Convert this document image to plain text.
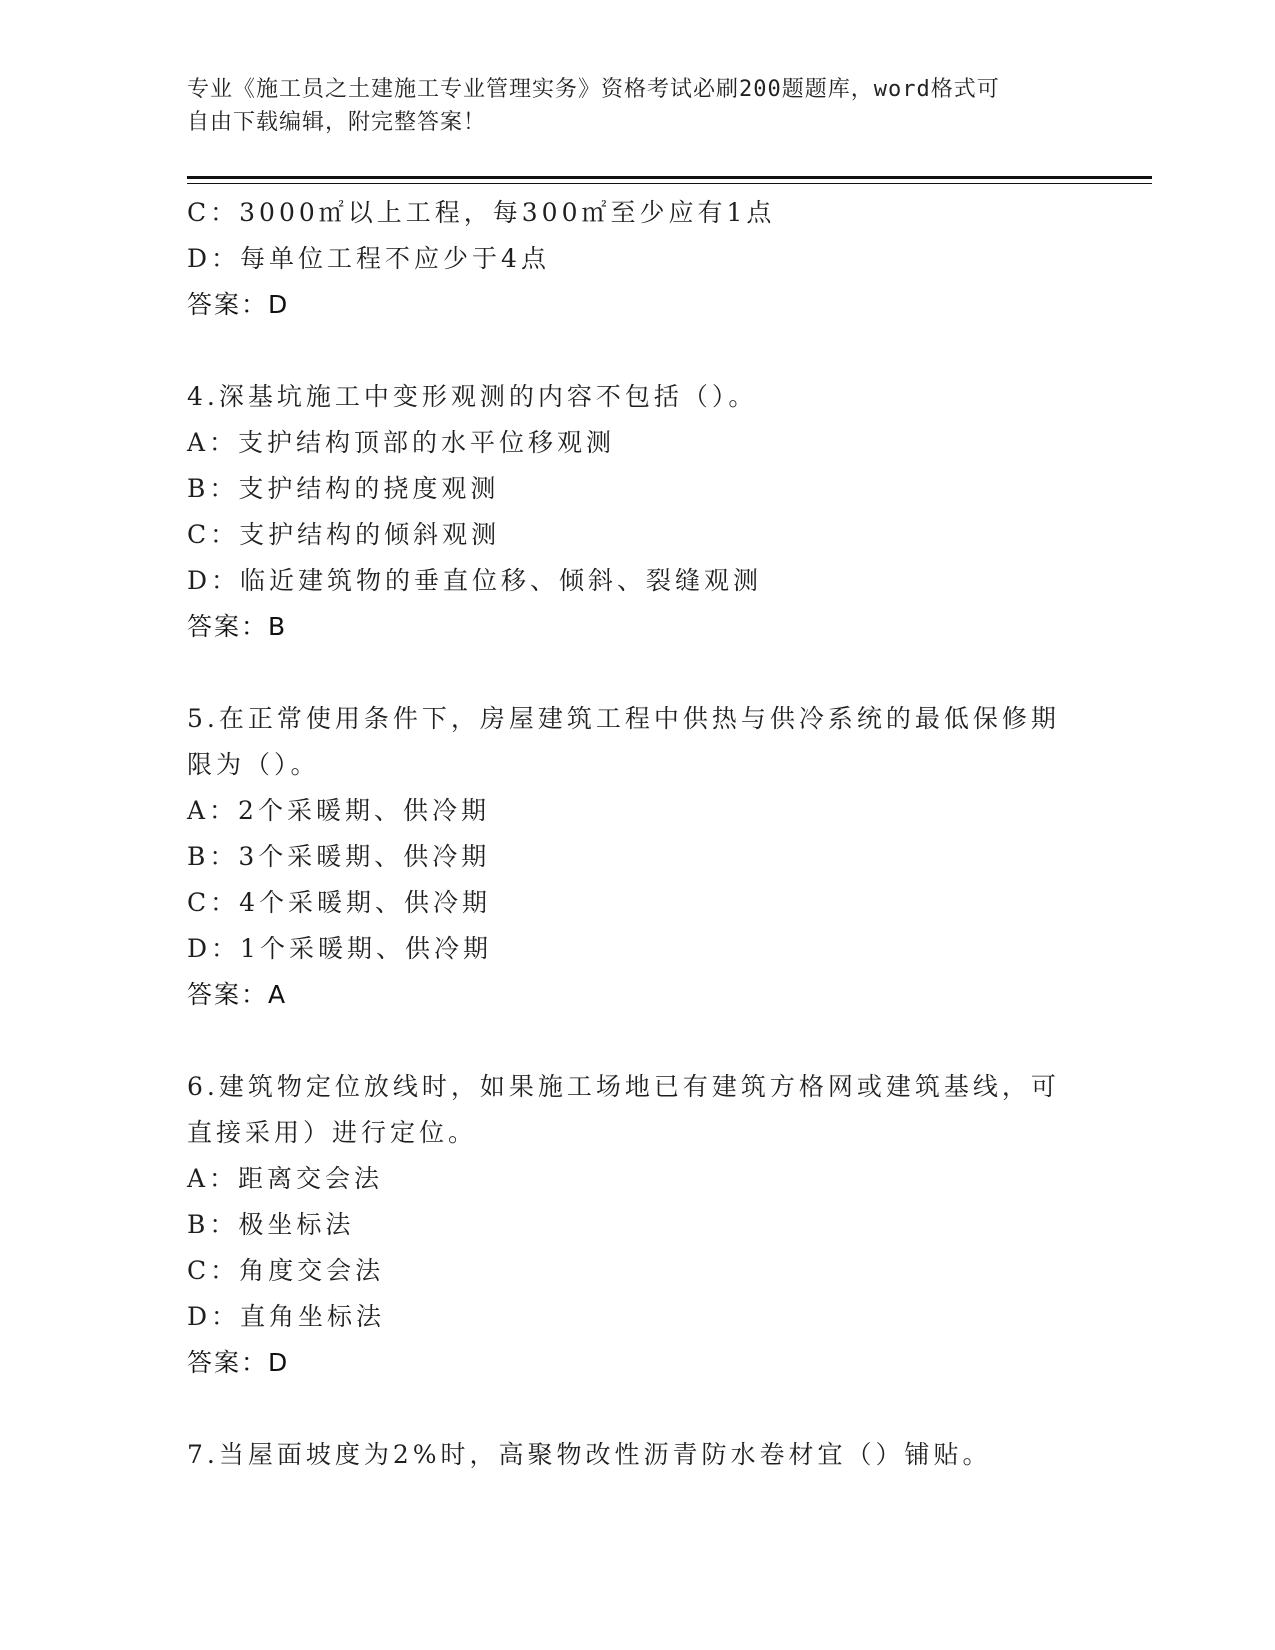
专业《施工员之土建施工专业管理实务》资格考试必刷200题题库，word格式可
自由下载编辑，附完整答案！
C：3000㎡以上工程，每300㎡至少应有1点
D：每单位工程不应少于4点
答案：D
4.深基坑施工中变形观测的内容不包括（）。
A：支护结构顶部的水平位移观测
B：支护结构的挠度观测
C：支护结构的倾斜观测
D：临近建筑物的垂直位移、倾斜、裂缝观测
答案：B
5.在正常使用条件下，房屋建筑工程中供热与供冷系统的最低保修期限为（）。
A：2个采暖期、供冷期
B：3个采暖期、供冷期
C：4个采暖期、供冷期
D：1个采暖期、供冷期
答案：A
6.建筑物定位放线时，如果施工场地已有建筑方格网或建筑基线，可直接采用）进行定位。
A：距离交会法
B：极坐标法
C：角度交会法
D：直角坐标法
答案：D
7.当屋面坡度为2%时，高聚物改性沥青防水卷材宜（）铺贴。
